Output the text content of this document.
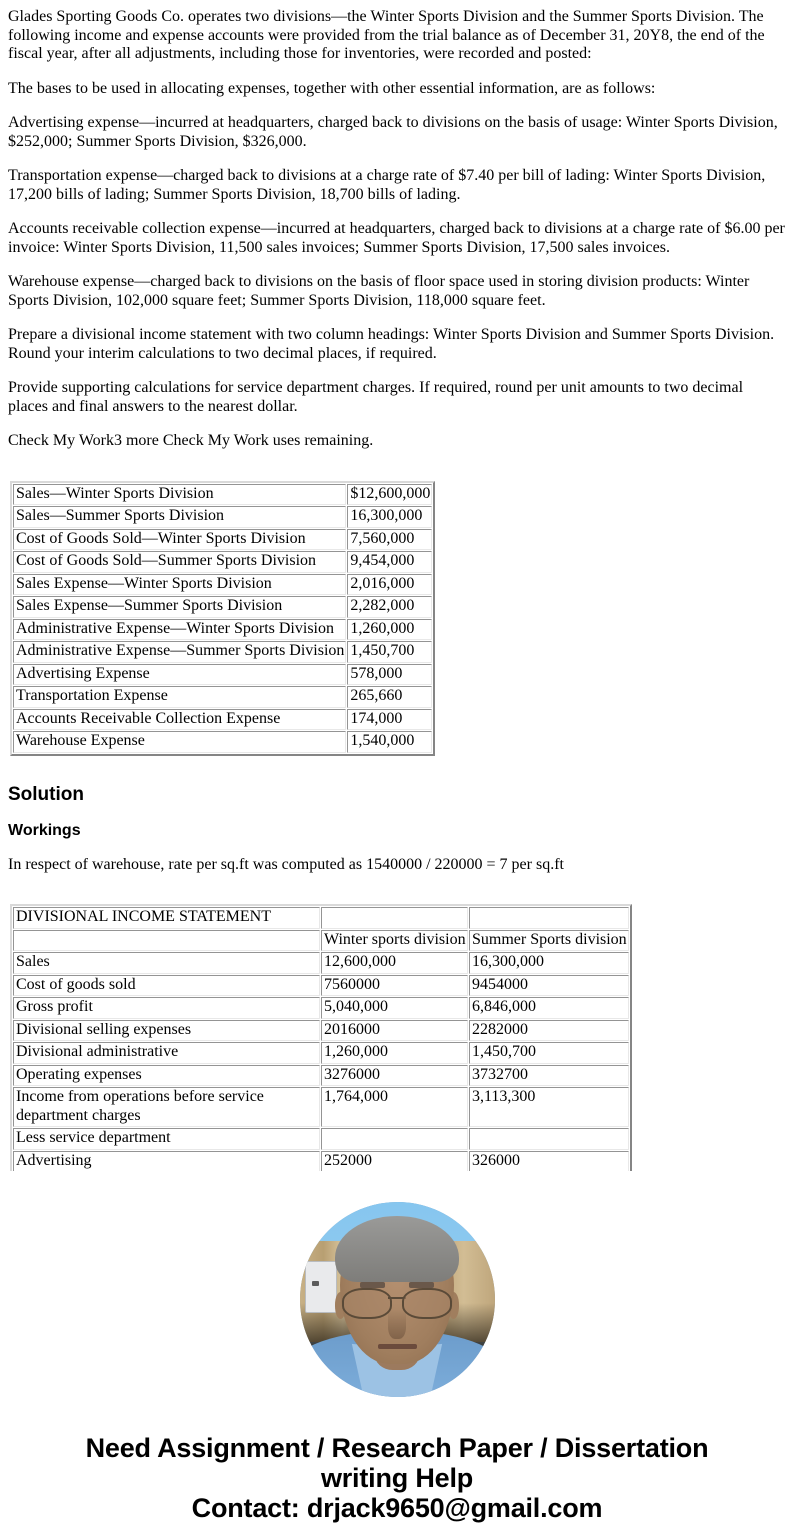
Glades Sporting Goods Co. operates two divisions—the Winter Sports Division and the Summer Sports Division. The following income and expense accounts were provided from the trial balance as of December 31, 20Y8, the end of the fiscal year, after all adjustments, including those for inventories, were recorded and posted:

The bases to be used in allocating expenses, together with other essential information, are as follows:

Advertising expense—incurred at headquarters, charged back to divisions on the basis of usage: Winter Sports Division, $252,000; Summer Sports Division, $326,000.

Transportation expense—charged back to divisions at a charge rate of $7.40 per bill of lading: Winter Sports Division, 17,200 bills of lading; Summer Sports Division, 18,700 bills of lading.

Accounts receivable collection expense—incurred at headquarters, charged back to divisions at a charge rate of $6.00 per invoice: Winter Sports Division, 11,500 sales invoices; Summer Sports Division, 17,500 sales invoices.

Warehouse expense—charged back to divisions on the basis of floor space used in storing division products: Winter Sports Division, 102,000 square feet; Summer Sports Division, 118,000 square feet.

Prepare a divisional income statement with two column headings: Winter Sports Division and Summer Sports Division. Round your interim calculations to two decimal places, if required.

Provide supporting calculations for service department charges. If required, round per unit amounts to two decimal places and final answers to the nearest dollar.

Check My Work3 more Check My Work uses remaining.

Sales—Winter Sports Division	$12,600,000
Sales—Summer Sports Division	16,300,000
Cost of Goods Sold—Winter Sports Division	7,560,000
Cost of Goods Sold—Summer Sports Division	9,454,000
Sales Expense—Winter Sports Division	2,016,000
Sales Expense—Summer Sports Division	2,282,000
Administrative Expense—Winter Sports Division	1,260,000
Administrative Expense—Summer Sports Division	1,450,700
Advertising Expense	578,000
Transportation Expense	265,660
Accounts Receivable Collection Expense	174,000
Warehouse Expense	1,540,000
Solution
Workings

In respect of warehouse, rate per sq.ft was computed as 1540000 / 220000 = 7 per sq.ft

DIVISIONAL INCOME STATEMENT		
	Winter sports division	Summer Sports division
Sales	12,600,000	16,300,000
Cost of goods sold	7560000	9454000
Gross profit	5,040,000	6,846,000
Divisional selling expenses	2016000	2282000
Divisional administrative	1,260,000	1,450,700
Operating expenses	3276000	3732700
Income from operations before service department charges	1,764,000	3,113,300
Less service department		
Advertising	252000	326000
Need Assignment / Research Paper / Dissertation
writing Help
Contact: drjack9650@gmail.com
